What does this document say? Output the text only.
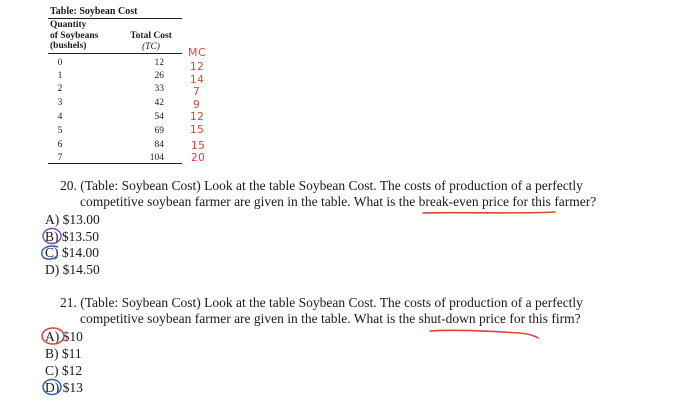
Table: Soybean Cost
Quantity
of Soybeans
(bushels)
Total Cost
(TC)	MC
0	12 12
1	26 14
2	33	7
3	42	9
4	54 12
5	69 15
6	84	15
7	104	20
20. (Table: Soybean Cost) Look at the table Soybean Cost. The costs of production of a perfectly
competitive soybean farmer are given in the table. What is the break-even price for this farmer?
A) $13.00
B) $13.50
C) $14.00
D) $14.50
21. (Table: Soybean Cost) Look at the table Soybean Cost. The costs of production of a perfectly
competitive soybean farmer are given in the table. What is the shut-down price for this firm?
A) $10
B) $11
C) $12
D) $13
